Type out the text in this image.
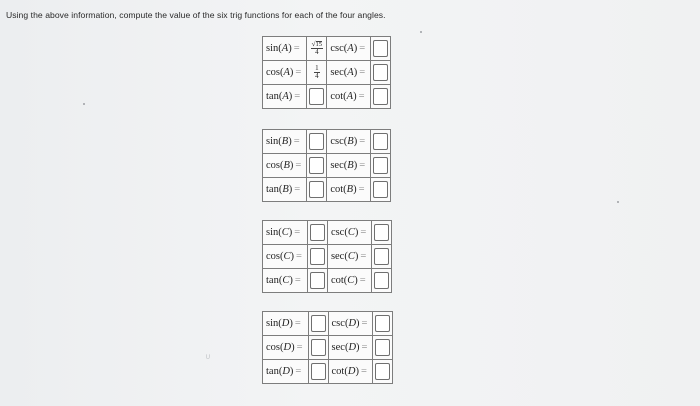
Using the above information, compute the value of the six trig functions for each of the four angles.
sin(A) =	$\frac{√ 15}{4}$	csc(A) =	
cos(A) =	$\frac{1}{4}$	sec(A) =	
tan(A) =		cot(A) =	
sin(B) =		csc(B) =	
cos(B) =		sec(B) =	
tan(B) =		cot(B) =	
sin(C) =		csc(C) =	
cos(C) =		sec(C) =	
tan(C) =		cot(C) =	
sin(D) =		csc(D) =	
cos(D) =		sec(D) =	
tan(D) =		cot(D) =	
∪
